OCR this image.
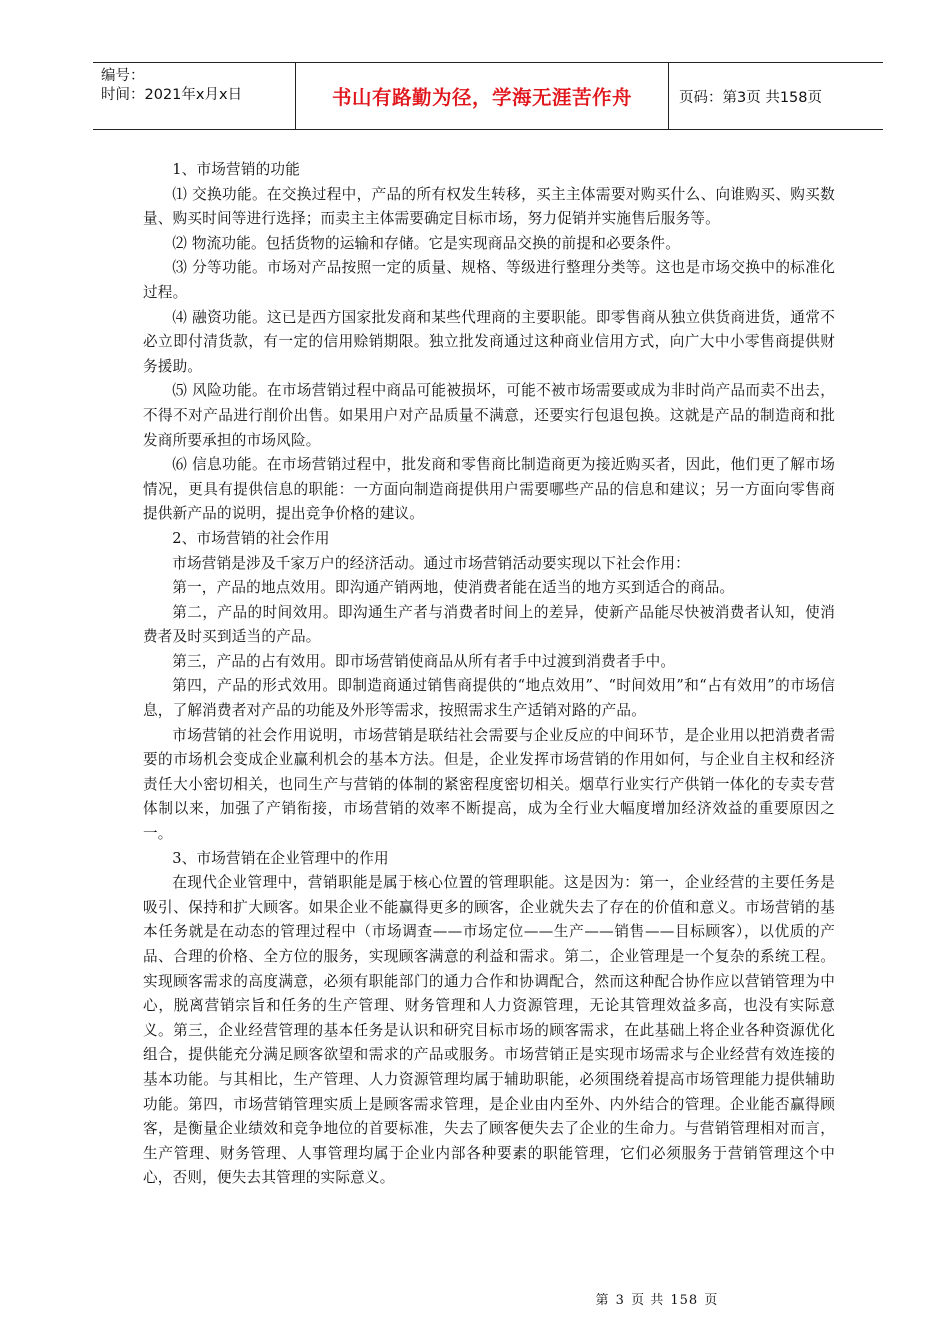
编号：
时间：2021年x月x日	书山有路勤为径，学海无涯苦作舟	页码：第3页 共158页

1、市场营销的功能

⑴ 交换功能。在交换过程中，产品的所有权发生转移，买主主体需要对购买什么、向谁购买、购买数量、购买时间等进行选择；而卖主主体需要确定目标市场，努力促销并实施售后服务等。

⑵ 物流功能。包括货物的运输和存储。它是实现商品交换的前提和必要条件。

⑶ 分等功能。市场对产品按照一定的质量、规格、等级进行整理分类等。这也是市场交换中的标准化过程。

⑷ 融资功能。这已是西方国家批发商和某些代理商的主要职能。即零售商从独立供货商进货，通常不必立即付清货款，有一定的信用赊销期限。独立批发商通过这种商业信用方式，向广大中小零售商提供财务援助。

⑸ 风险功能。在市场营销过程中商品可能被损坏，可能不被市场需要或成为非时尚产品而卖不出去，不得不对产品进行削价出售。如果用户对产品质量不满意，还要实行包退包换。这就是产品的制造商和批发商所要承担的市场风险。

⑹ 信息功能。在市场营销过程中，批发商和零售商比制造商更为接近购买者，因此，他们更了解市场情况，更具有提供信息的职能：一方面向制造商提供用户需要哪些产品的信息和建议；另一方面向零售商提供新产品的说明，提出竞争价格的建议。

2、市场营销的社会作用

市场营销是涉及千家万户的经济活动。通过市场营销活动要实现以下社会作用：

第一，产品的地点效用。即沟通产销两地，使消费者能在适当的地方买到适合的商品。

第二，产品的时间效用。即沟通生产者与消费者时间上的差异，使新产品能尽快被消费者认知，使消费者及时买到适当的产品。

第三，产品的占有效用。即市场营销使商品从所有者手中过渡到消费者手中。

第四，产品的形式效用。即制造商通过销售商提供的“地点效用”、“时间效用”和“占有效用”的市场信息，了解消费者对产品的功能及外形等需求，按照需求生产适销对路的产品。

市场营销的社会作用说明，市场营销是联结社会需要与企业反应的中间环节，是企业用以把消费者需要的市场机会变成企业赢利机会的基本方法。但是，企业发挥市场营销的作用如何，与企业自主权和经济责任大小密切相关，也同生产与营销的体制的紧密程度密切相关。烟草行业实行产供销一体化的专卖专营体制以来，加强了产销衔接，市场营销的效率不断提高，成为全行业大幅度增加经济效益的重要原因之一。

3、市场营销在企业管理中的作用

在现代企业管理中，营销职能是属于核心位置的管理职能。这是因为：第一，企业经营的主要任务是吸引、保持和扩大顾客。如果企业不能赢得更多的顾客，企业就失去了存在的价值和意义。市场营销的基本任务就是在动态的管理过程中（市场调查——市场定位——生产——销售——目标顾客），以优质的产品、合理的价格、全方位的服务，实现顾客满意的利益和需求。第二，企业管理是一个复杂的系统工程。实现顾客需求的高度满意，必须有职能部门的通力合作和协调配合，然而这种配合协作应以营销管理为中心，脱离营销宗旨和任务的生产管理、财务管理和人力资源管理，无论其管理效益多高，也没有实际意义。第三，企业经营管理的基本任务是认识和研究目标市场的顾客需求，在此基础上将企业各种资源优化组合，提供能充分满足顾客欲望和需求的产品或服务。市场营销正是实现市场需求与企业经营有效连接的基本功能。与其相比，生产管理、人力资源管理均属于辅助职能，必须围绕着提高市场管理能力提供辅助功能。第四，市场营销管理实质上是顾客需求管理，是企业由内至外、内外结合的管理。企业能否赢得顾客，是衡量企业绩效和竞争地位的首要标准，失去了顾客便失去了企业的生命力。与营销管理相对而言，生产管理、财务管理、人事管理均属于企业内部各种要素的职能管理，它们必须服务于营销管理这个中心，否则，便失去其管理的实际意义。

第 3 页 共 158 页
